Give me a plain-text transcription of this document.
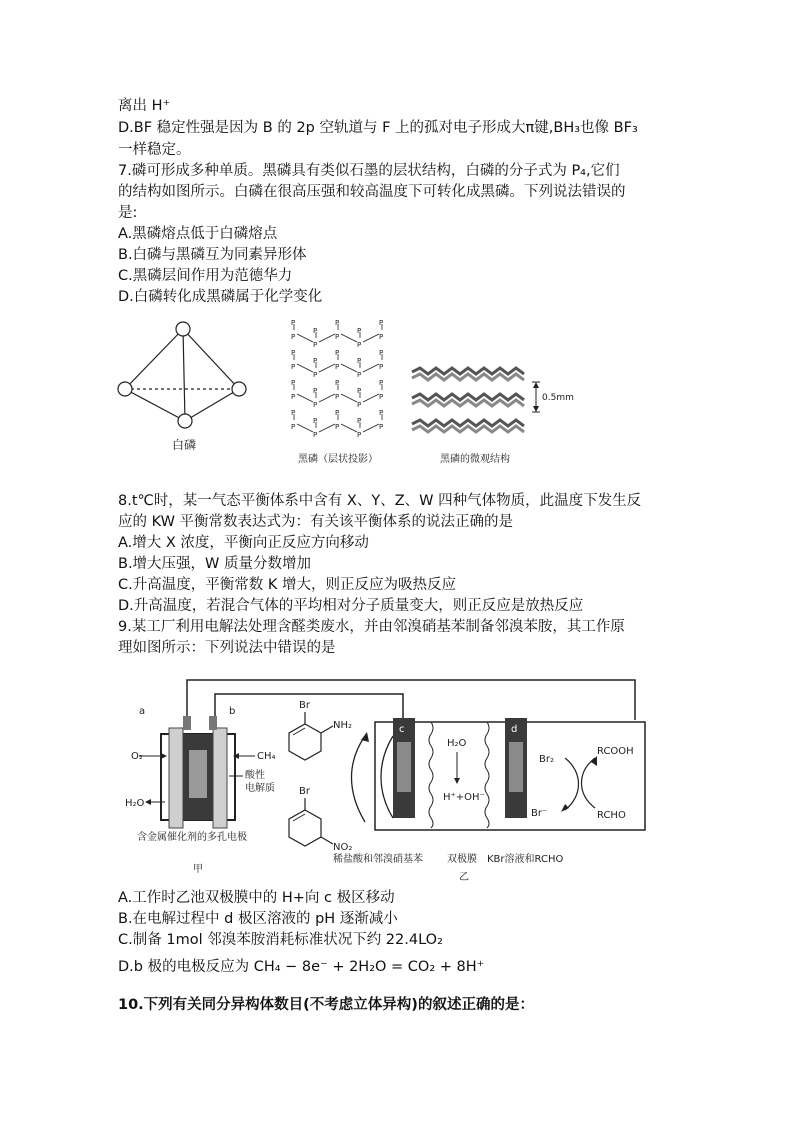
离出 H⁺
D.BF 稳定性强是因为 B 的 2p 空轨道与 F 上的孤对电子形成大π键,BH₃也像 BF₃
一样稳定。
7.磷可形成多种单质。黑磷具有类似石墨的层状结构，白磷的分子式为 P₄,它们
的结构如图所示。白磷在很高压强和较高温度下可转化成黑磷。下列说法错误的
是:
A.黑磷熔点低于白磷熔点
B.白磷与黑磷互为同素异形体
C.黑磷层间作用为范德华力
D.白磷转化成黑磷属于化学变化
白磷
P
P
P
P
P
P
P
P
P
P
P
P
P
P
P
P
P
P
P
P
P
P
P
P
P
P
P
P
P
P
P
P
P
P
P
P
P
P
P
P
黑磷（层状投影）
0.5mm
黑磷的微观结构
8.t℃时，某一气态平衡体系中含有 X、Y、Z、W 四种气体物质，此温度下发生反
应的 KW 平衡常数表达式为：有关该平衡体系的说法正确的是
A.增大 X 浓度，平衡向正反应方向移动
B.增大压强，W 质量分数增加
C.升高温度，平衡常数 K 增大，则正反应为吸热反应
D.升高温度，若混合气体的平均相对分子质量变大，则正反应是放热反应
9.某工厂利用电解法处理含醛类废水，并由邻溴硝基苯制备邻溴苯胺，其工作原
理如图所示：下列说法中错误的是
a	b
O₂	CH₄
H₂O
酸性
电解质
含金属催化剂的多孔电极
甲
Br
NH₂
Br
NO₂
c
H₂O
H⁺+OH⁻
d
Br₂
Br⁻
RCOOH
RCHO
稀盐酸和邻溴硝基苯 双极膜 KBr溶液和RCHO
乙
A.工作时乙池双极膜中的 H+向 c 极区移动
B.在电解过程中 d 极区溶液的 pH 逐渐减小
C.制备 1mol 邻溴苯胺消耗标准状况下约 22.4LO₂
D.b 极的电极反应为 CH₄ − 8e⁻ + 2H₂O = CO₂ + 8H⁺
10.下列有关同分异构体数目(不考虑立体异构)的叙述正确的是：
